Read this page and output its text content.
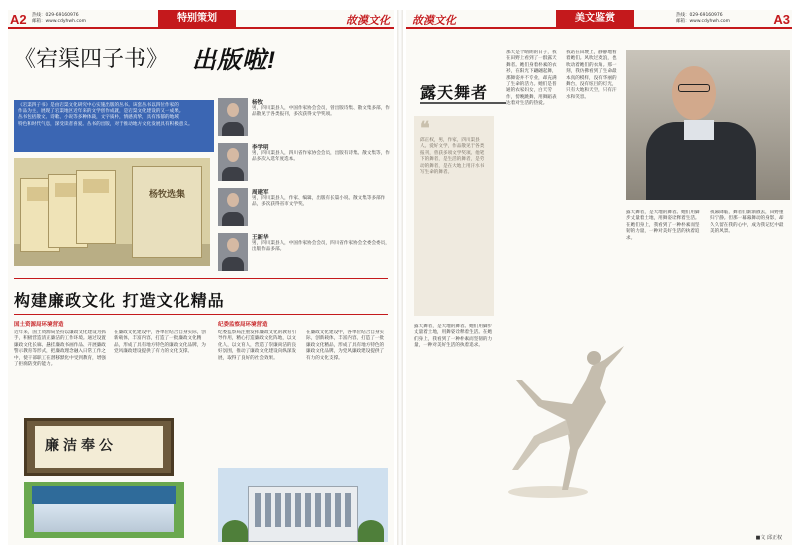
A2 热线：029-69160976
邮箱：www.cdyhwh.com	特别策划	故漠文化
《宕渠四子书》 出版啦!
《宕渠四子书》是由宕渠文化研究中心实施出版的丛书。该套丛书以四位作家的
作品为主，展现了宕渠地区近年来的文学创作成就，是宕渠文化建设的又一成果。
丛书包括散文、诗歌、小说等多种体裁，文字质朴，情感真挚，具有浓郁的地域
特色和时代气息，深受读者喜爱。丛书的出版，对于推动地方文化发展具有积极意义。
杨牧选集
杨牧
男，四川渠县人，中国作家协会会员，曾出版诗集、散文集多部，作品散见于各类报刊，多次获得文学奖项。
李学明
男，四川渠县人，四川省作家协会会员，出版有诗集、散文集等，作品多次入选年度选本。
周建军
男，四川渠县人，作家、编辑，出版有长篇小说、散文集等多部作品，多次获得省市文学奖。
王新华
男，四川渠县人，中国作家协会会员，四川省作家协会全委会委员，出版作品多部。
构建廉政文化 打造文化精品
国土资源局环境营造	纪委监察局环境营造
近年来，国土资源局坚持以廉政文化建设为抓手，积极营造清正廉洁的工作环境。通过设置廉政文化长廊、悬挂廉政书画作品、开展廉政警示教育等形式，把廉政理念融入日常工作之中，使干部职工在潜移默化中受到教育，增强了拒腐防变的能力。
在廉政文化建设中，各单位结合自身实际，创新载体，丰富内容，打造了一批廉政文化精品，形成了具有地方特色的廉政文化品牌，为党风廉政建设提供了有力的文化支撑。
纪委监察局注重发挥廉政文化的教育引导作用，精心打造廉政文化阵地，以文化人，以文育人，营造了崇廉尚洁的良好氛围，推动了廉政文化建设向纵深发展，取得了良好的社会效果。
在廉政文化建设中，各单位结合自身实际，创新载体，丰富内容，打造了一批廉政文化精品，形成了具有地方特色的廉政文化品牌，为党风廉政建设提供了有力的文化支撑。
廉洁奉公
故漠文化	美文鉴赏	热线：029-69160976
邮箱：www.cdyhwh.com	A3
露天舞者
❝
邱正权，男，作家，四川渠县人。爱好文学，作品散见于各类报刊，曾获多项文学奖项。他笔下的舞者，是生活的舞者，是劳动的舞者，是在大地上用汗水书写生命的舞者。
那天是个晴朗的日子，我在田野上看到了一群露天舞者。她们身着朴素的衣衫，在阳光下翩翩起舞，那舞姿并不专业，却充满了生命的活力。她们是普通的农家妇女，白天劳作，傍晚跳舞，用舞蹈表达着对生活的热爱。
我站在田埂上，静静地看着她们。风吹过麦浪，也吹动着她们的衣角。那一刻，我仿佛看到了生命最本真的模样，没有华丽的舞台，没有炫目的灯光，只有大地和天空，只有汗水和笑容。
露天舞者，是大地的舞者。她们用脚步丈量着土地，用舞姿诠释着生活。在她们身上，我看到了一种朴素而坚韧的力量，一种对美好生活的执着追求。
露天舞者，是大地的舞者。她们用脚步丈量着土地，用舞姿诠释着生活。在她们身上，我看到了一种朴素而坚韧的力量，一种对美好生活的执着追求。
夜幕降临，舞者们渐渐散去，田野重归宁静。但那一幕幕舞动的身影，却久久留在我的心中，成为我记忆中最美的风景。
■文 邱正权
